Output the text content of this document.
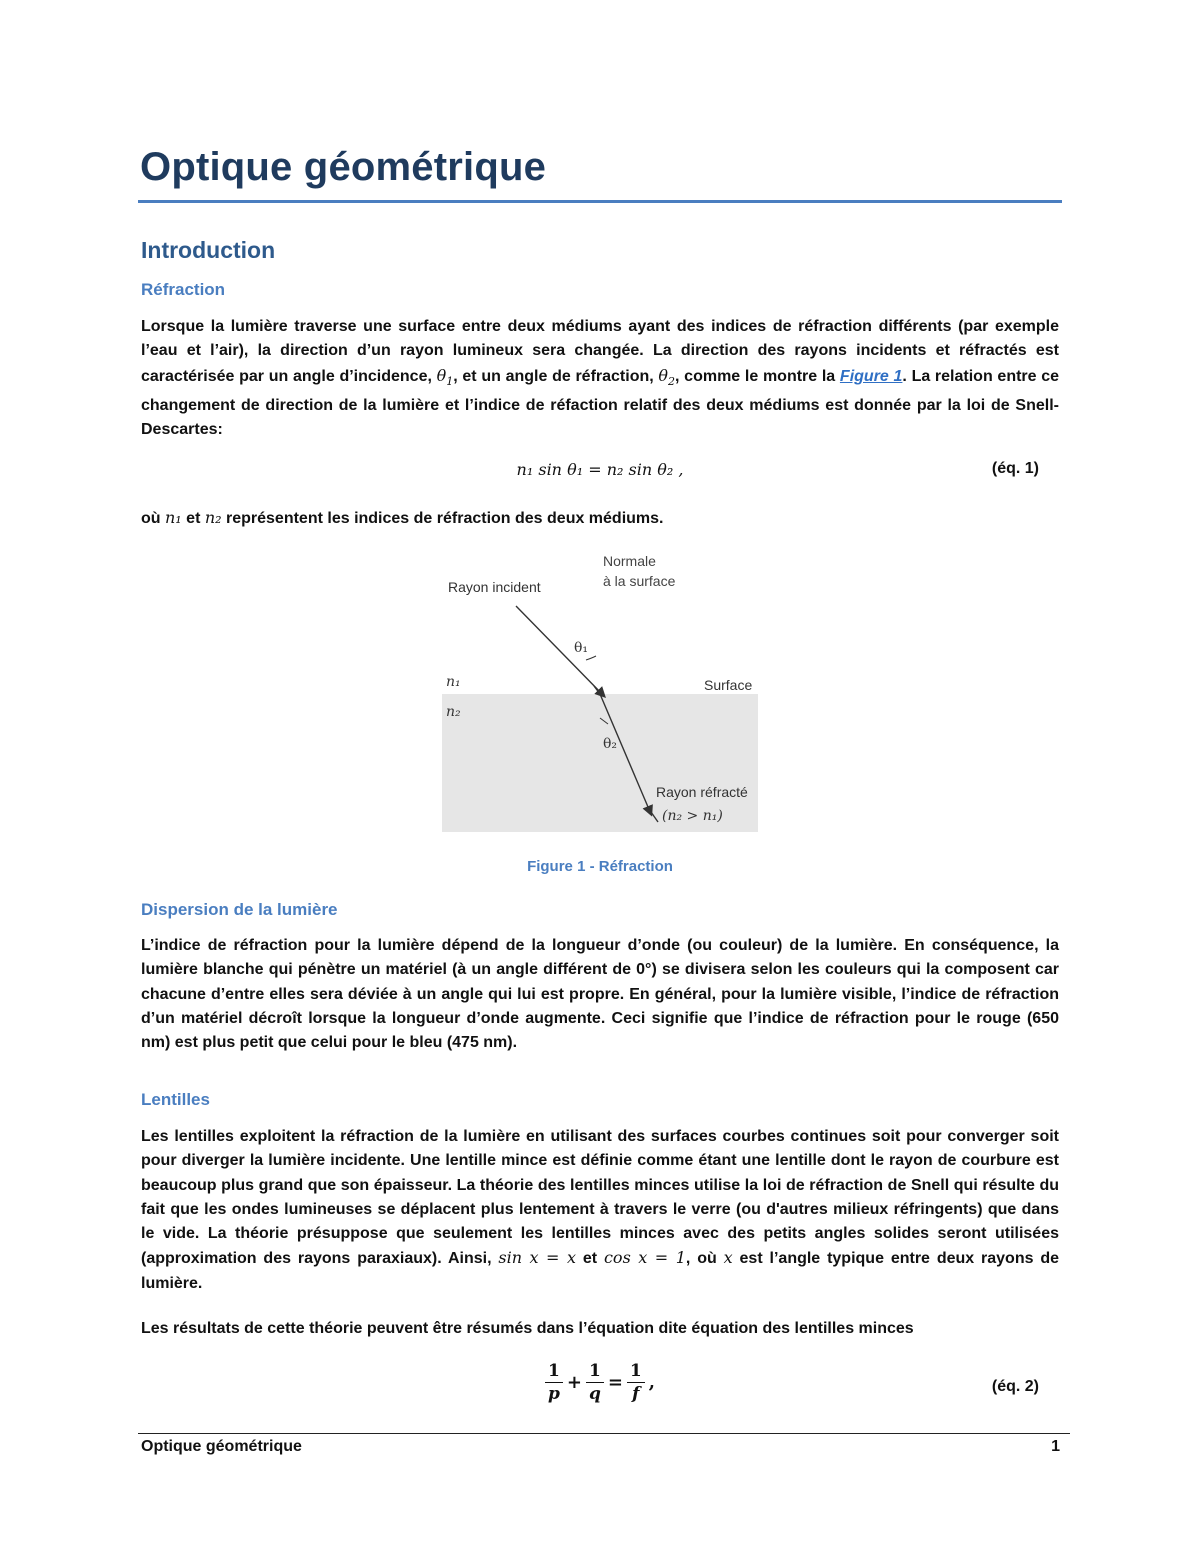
Optique géométrique
Introduction
Réfraction

Lorsque la lumière traverse une surface entre deux médiums ayant des indices de réfraction différents (par exemple l’eau et l’air), la direction d’un rayon lumineux sera changée. La direction des rayons incidents et réfractés est caractérisée par un angle d’incidence, $\theta_1$, et un angle de réfraction, $\theta_2$, comme le montre la Figure 1. La relation entre ce changement de direction de la lumière et l’indice de réfaction relatif des deux médiums est donnée par la loi de Snell-Descartes:

n₁ sin θ₁ = n₂ sin θ₂ ,	(éq. 1)

où n₁ et n₂ représentent les indices de réfraction des deux médiums.

Normale
à la surface
Rayon incident
θ₁
n₁	Surface
n₂
θ₂
Rayon réfracté
(n₂ > n₁)
Figure 1 - Réfraction
Dispersion de la lumière

L’indice de réfraction pour la lumière dépend de la longueur d’onde (ou couleur) de la lumière. En conséquence, la lumière blanche qui pénètre un matériel (à un angle différent de 0°) se divisera selon les couleurs qui la composent car chacune d’entre elles sera déviée à un angle qui lui est propre. En général, pour la lumière visible, l’indice de réfraction d’un matériel décroît lorsque la longueur d’onde augmente. Ceci signifie que l’indice de réfraction pour le rouge (650 nm) est plus petit que celui pour le bleu (475 nm).

Lentilles

Les lentilles exploitent la réfraction de la lumière en utilisant des surfaces courbes continues soit pour converger soit pour diverger la lumière incidente. Une lentille mince est définie comme étant une lentille dont le rayon de courbure est beaucoup plus grand que son épaisseur. La théorie des lentilles minces utilise la loi de réfraction de Snell qui résulte du fait que les ondes lumineuses se déplacent plus lentement à travers le verre (ou d'autres milieux réfringents) que dans le vide. La théorie présuppose que seulement les lentilles minces avec des petits angles solides seront utilisées (approximation des rayons paraxiaux). Ainsi, sin x = x et cos x = 1, où x est l’angle typique entre deux rayons de lumière.

Les résultats de cette théorie peuvent être résumés dans l’équation dite équation des lentilles minces

$\frac{1}{p} + \frac{1}{q} = \frac{1}{f}$ ,	(éq. 2)
Optique géométrique	1
